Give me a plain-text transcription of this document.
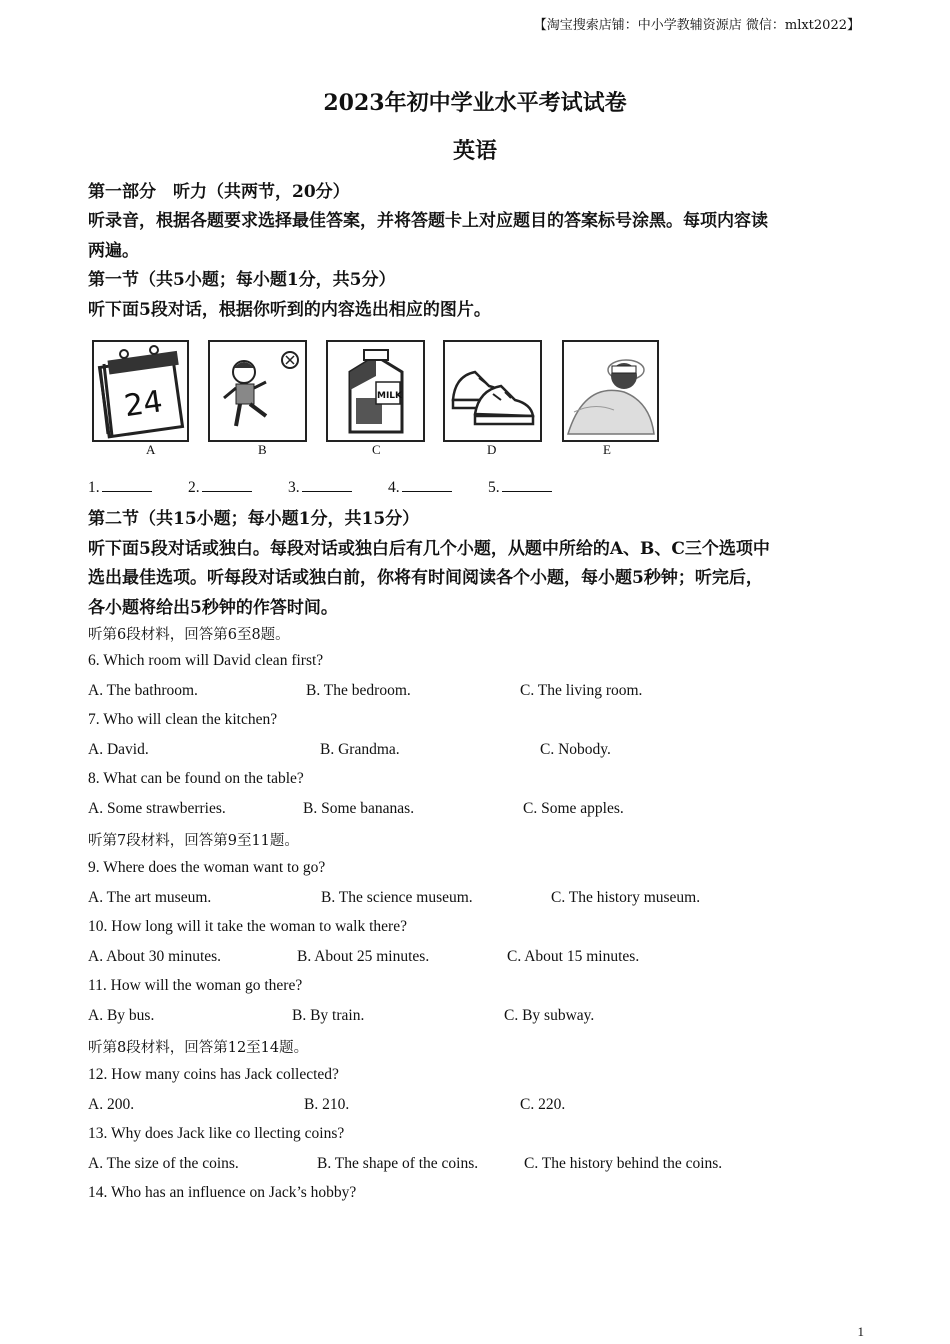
【淘宝搜索店铺：中小学教辅资源店 微信：mlxt2022】
2023年初中学业水平考试试卷
英语
第一部分　听力（共两节，20分）
听录音，根据各题要求选择最佳答案，并将答题卡上对应题目的答案标号涂黑。每项内容读
两遍。
第一节（共5小题；每小题1分，共5分）
听下面5段对话，根据你听到的内容选出相应的图片。
24	MILK
A	B	C	D	E
1.	2.	3.	4.	5.
第二节（共15小题；每小题1分，共15分）
听下面5段对话或独白。每段对话或独白后有几个小题，从题中所给的A、B、C三个选项中
选出最佳选项。听每段对话或独白前，你将有时间阅读各个小题，每小题5秒钟；听完后，
各小题将给出5秒钟的作答时间。
听第6段材料，回答第6至8题。
6. Which room will David clean first?
A. The bathroom.	B. The bedroom.	C. The living room.
7. Who will clean the kitchen?
A. David.	B. Grandma.	C. Nobody.
8. What can be found on the table?
A. Some strawberries.	B. Some bananas.	C. Some apples.
听第7段材料，回答第9至11题。
9. Where does the woman want to go?
A. The art museum.	B. The science museum.	C. The history museum.
10. How long will it take the woman to walk there?
A. About 30 minutes.	B. About 25 minutes.	C. About 15 minutes.
11. How will the woman go there?
A. By bus.	B. By train.	C. By subway.
听第8段材料，回答第12至14题。
12. How many coins has Jack collected?
A. 200.	B. 210.	C. 220.
13. Why does Jack like co llecting coins?
A. The size of the coins.	B. The shape of the coins.	C. The history behind the coins.
14. Who has an influence on Jack’s hobby?
1
